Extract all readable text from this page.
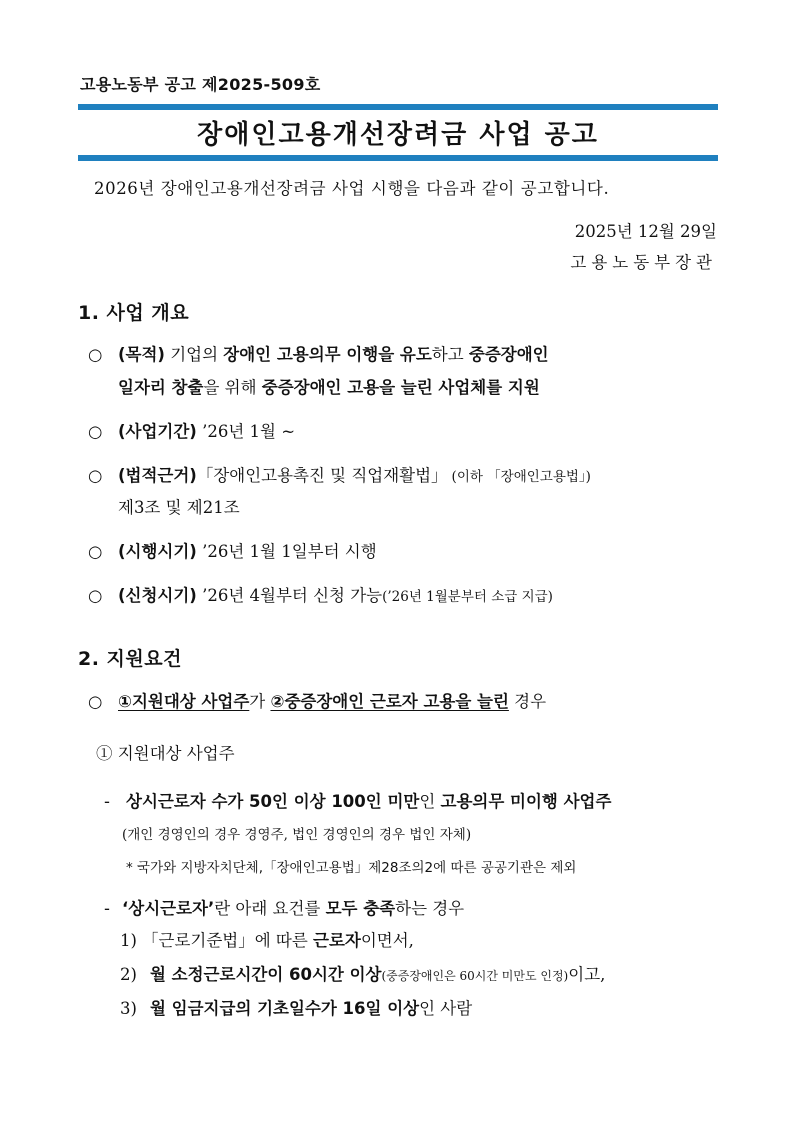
고용노동부 공고 제2025-509호
장애인고용개선장려금 사업 공고
2026년 장애인고용개선장려금 사업 시행을 다음과 같이 공고합니다.
2025년 12월 29일
고용노동부장관
1. 사업 개요
○ (목적) 기업의 장애인 고용의무 이행을 유도하고 중증장애인
일자리 창출을 위해 중증장애인 고용을 늘린 사업체를 지원
○ (사업기간) ’26년 1월 ~
○ (법적근거)「장애인고용촉진 및 직업재활법」 (이하 「장애인고용법」)
제3조 및 제21조
○ (시행시기) ’26년 1월 1일부터 시행
○ (신청시기) ’26년 4월부터 신청 가능(’26년 1월분부터 소급 지급)
2. 지원요건
○ ①지원대상 사업주가 ②중증장애인 근로자 고용을 늘린 경우
① 지원대상 사업주
- 상시근로자 수가 50인 이상 100인 미만인 고용의무 미이행 사업주
(개인 경영인의 경우 경영주, 법인 경영인의 경우 법인 자체)
* 국가와 지방자치단체,「장애인고용법」제28조의2에 따른 공공기관은 제외
- ‘상시근로자’란 아래 요건를 모두 충족하는 경우
1) 「근로기준법」에 따른 근로자이면서,
2) 월 소정근로시간이 60시간 이상(중증장애인은 60시간 미만도 인정)이고,
3) 월 임금지급의 기초일수가 16일 이상인 사람
